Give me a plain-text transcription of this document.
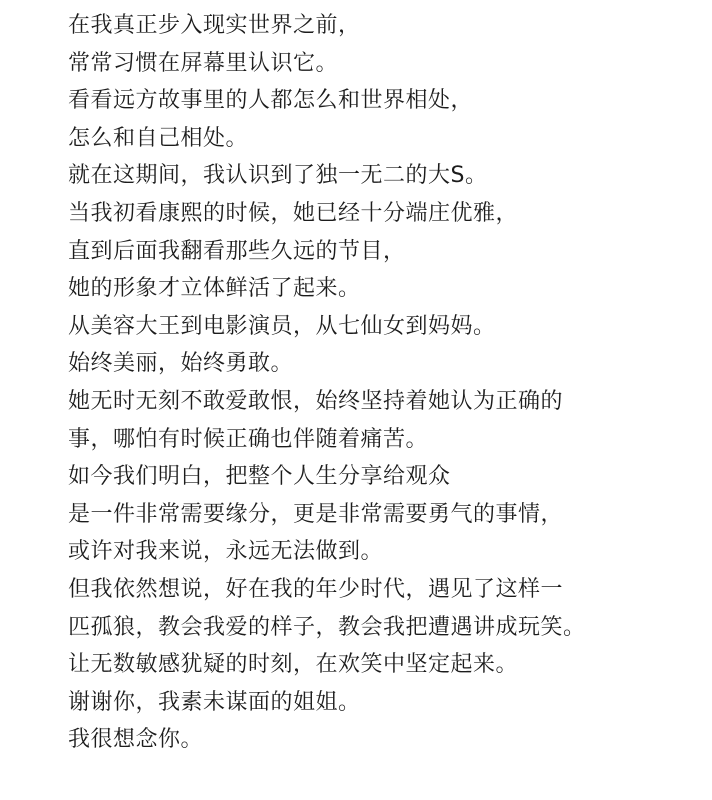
在我真正步入现实世界之前，
常常习惯在屏幕里认识它。
看看远方故事里的人都怎么和世界相处，
怎么和自己相处。
就在这期间，我认识到了独一无二的大S。
当我初看康熙的时候，她已经十分端庄优雅，
直到后面我翻看那些久远的节目，
她的形象才立体鲜活了起来。
从美容大王到电影演员，从七仙女到妈妈。
始终美丽，始终勇敢。
她无时无刻不敢爱敢恨，始终坚持着她认为正确的
事，哪怕有时候正确也伴随着痛苦。
如今我们明白，把整个人生分享给观众
是一件非常需要缘分，更是非常需要勇气的事情，
或许对我来说，永远无法做到。
但我依然想说，好在我的年少时代，遇见了这样一
匹孤狼，教会我爱的样子，教会我把遭遇讲成玩笑。
让无数敏感犹疑的时刻，在欢笑中坚定起来。
谢谢你，我素未谋面的姐姐。
我很想念你。
